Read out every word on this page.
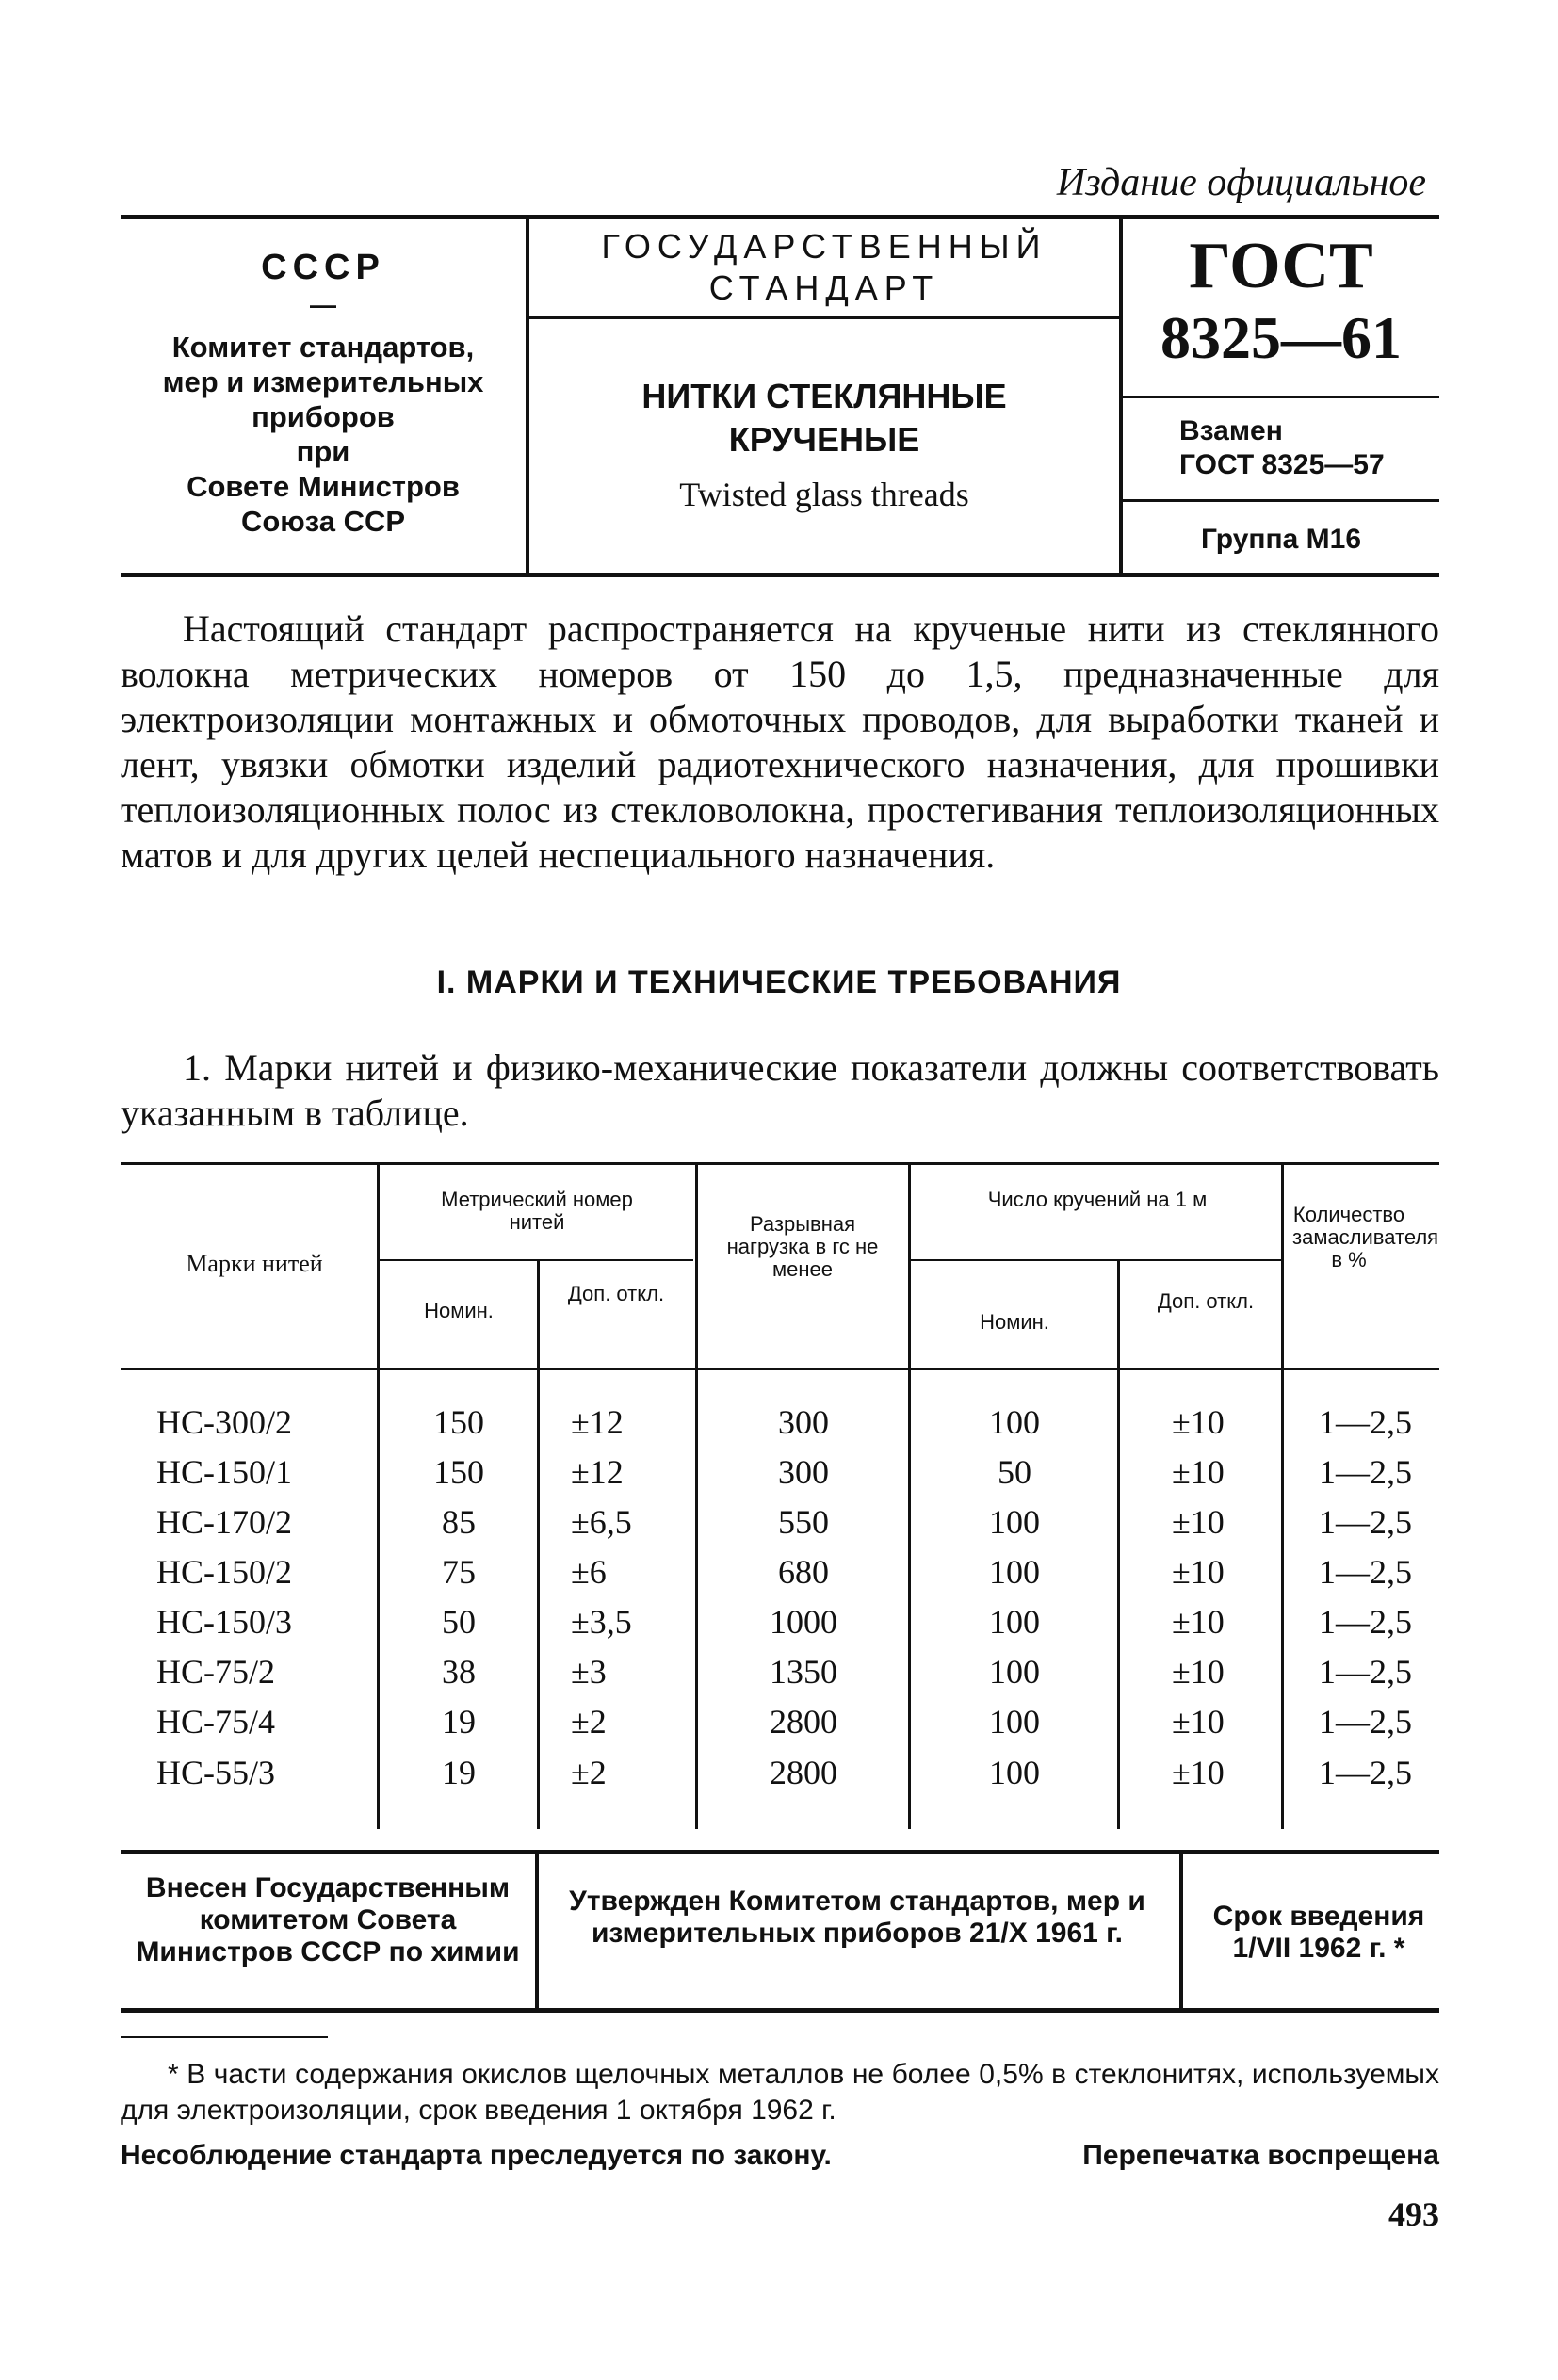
Издание официальное
СССР
—
Комитет стандартов,
мер и измерительных
приборов
при
Совете Министров
Союза ССР
ГОСУДАРСТВЕННЫЙ
СТАНДАРТ
НИТКИ СТЕКЛЯННЫЕ
КРУЧЕНЫЕ
Twisted glass threads
ГОСТ
8325—61
Взамен
ГОСТ 8325—57
Группа М16
Настоящий стандарт распространяется на крученые нити из стеклянного волокна метрических номеров от 150 до 1,5, предназначенные для электроизоляции монтажных и обмоточных проводов, для выработки тканей и лент, увязки обмотки изделий радиотехнического назначения, для прошивки теплоизоляционных полос из стекловолокна, простегивания теплоизоляционных матов и для других целей неспециального назначения.
I. МАРКИ И ТЕХНИЧЕСКИЕ ТРЕБОВАНИЯ
1. Марки нитей и физико-механические показатели должны соответствовать указанным в таблице.
Марки нитей
Метрический номер нитей
Номин.
Доп. откл.
Разрывная нагрузка в гс не менее
Число кручений на 1 м
Номин.
Доп. откл.
Количество замасливателя в %
НС-300/2	150	±12	300	100	±10	1—2,5
НС-150/1	150	±12	300	50	±10	1—2,5
НС-170/2	85	±6,5	550	100	±10	1—2,5
НС-150/2	75	±6	680	100	±10	1—2,5
НС-150/3	50	±3,5	1000	100	±10	1—2,5
НС-75/2	38	±3	1350	100	±10	1—2,5
НС-75/4	19	±2	2800	100	±10	1—2,5
НС-55/3	19	±2	2800	100	±10	1—2,5
Внесен Государственным комитетом Совета Министров СССР по химии
Утвержден Комитетом стандартов, мер и измерительных приборов 21/X 1961 г.
Срок введения 1/VII 1962 г. *
* В части содержания окислов щелочных металлов не более 0,5% в стеклонитях, используемых для электроизоляции, срок введения 1 октября 1962 г.
Несоблюдение стандарта преследуется по закону.	Перепечатка воспрещена
493
